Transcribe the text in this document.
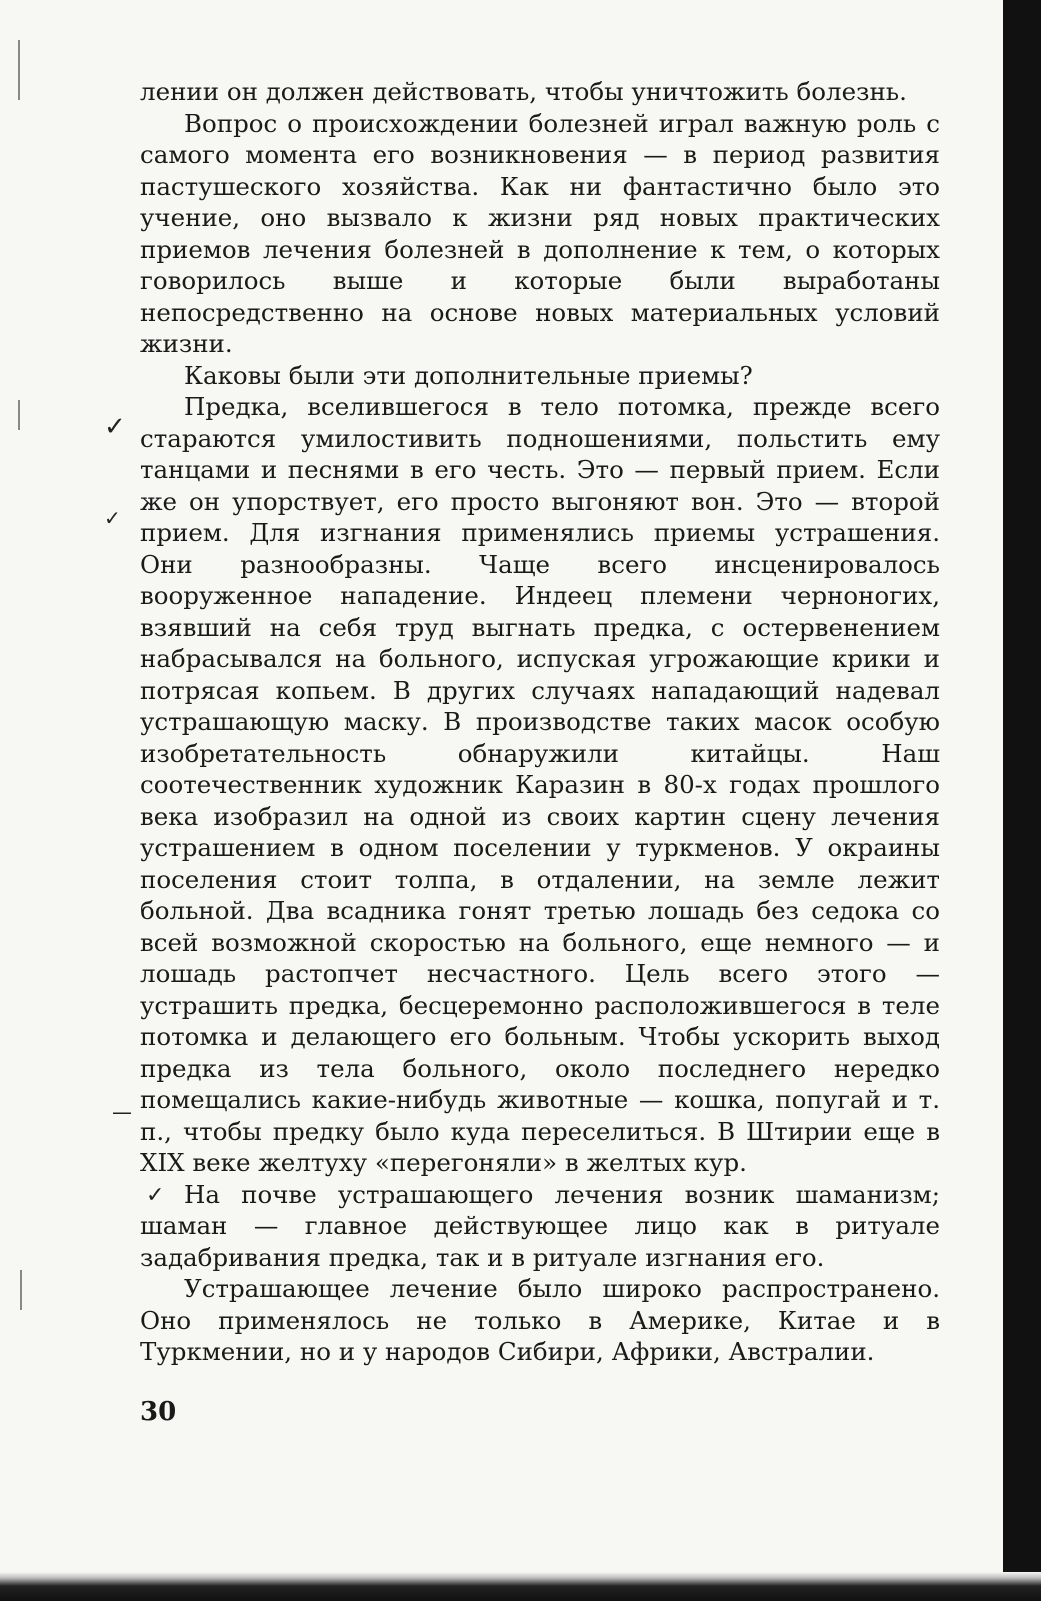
✓
✓
✓
—

лении он должен действовать, чтобы уничтожить болезнь.

Вопрос о происхождении болезней играл важную роль с самого момента его возникновения — в период развития пастушеского хозяйства. Как ни фантастично было это учение, оно вызвало к жизни ряд новых практических приемов лечения болезней в дополнение к тем, о которых говорилось выше и которые были выработаны непосредственно на основе новых материальных условий жизни.

Каковы были эти дополнительные приемы?

Предка, вселившегося в тело потомка, прежде всего стараются умилостивить подношениями, польстить ему танцами и песнями в его честь. Это — первый прием. Если же он упорствует, его просто выгоняют вон. Это — второй прием. Для изгнания применялись приемы устрашения. Они разнообразны. Чаще всего инсценировалось вооруженное нападение. Индеец племени черноногих, взявший на себя труд выгнать предка, с остервенением набрасывался на больного, испуская угрожающие крики и потрясая копьем. В других случаях нападающий надевал устрашающую маску. В производстве таких масок особую изобретательность обнаружили китайцы. Наш соотечественник художник Каразин в 80-х годах прошлого века изобразил на одной из своих картин сцену лечения устрашением в одном поселении у туркменов. У окраины поселения стоит толпа, в отдалении, на земле лежит больной. Два всадника гонят третью лошадь без седока со всей возможной скоростью на больного, еще немного — и лошадь растопчет несчастного. Цель всего этого — устрашить предка, бесцеремонно расположившегося в теле потомка и делающего его больным. Чтобы ускорить выход предка из тела больного, около последнего нередко помещались какие-нибудь животные — кошка, попугай и т. п., чтобы предку было куда переселиться. В Штирии еще в XIX веке желтуху «перегоняли» в желтых кур.

На почве устрашающего лечения возник шаманизм; шаман — главное действующее лицо как в ритуале задабривания предка, так и в ритуале изгнания его.

Устрашающее лечение было широко распространено. Оно применялось не только в Америке, Китае и в Туркмении, но и у народов Сибири, Африки, Австралии.

30
